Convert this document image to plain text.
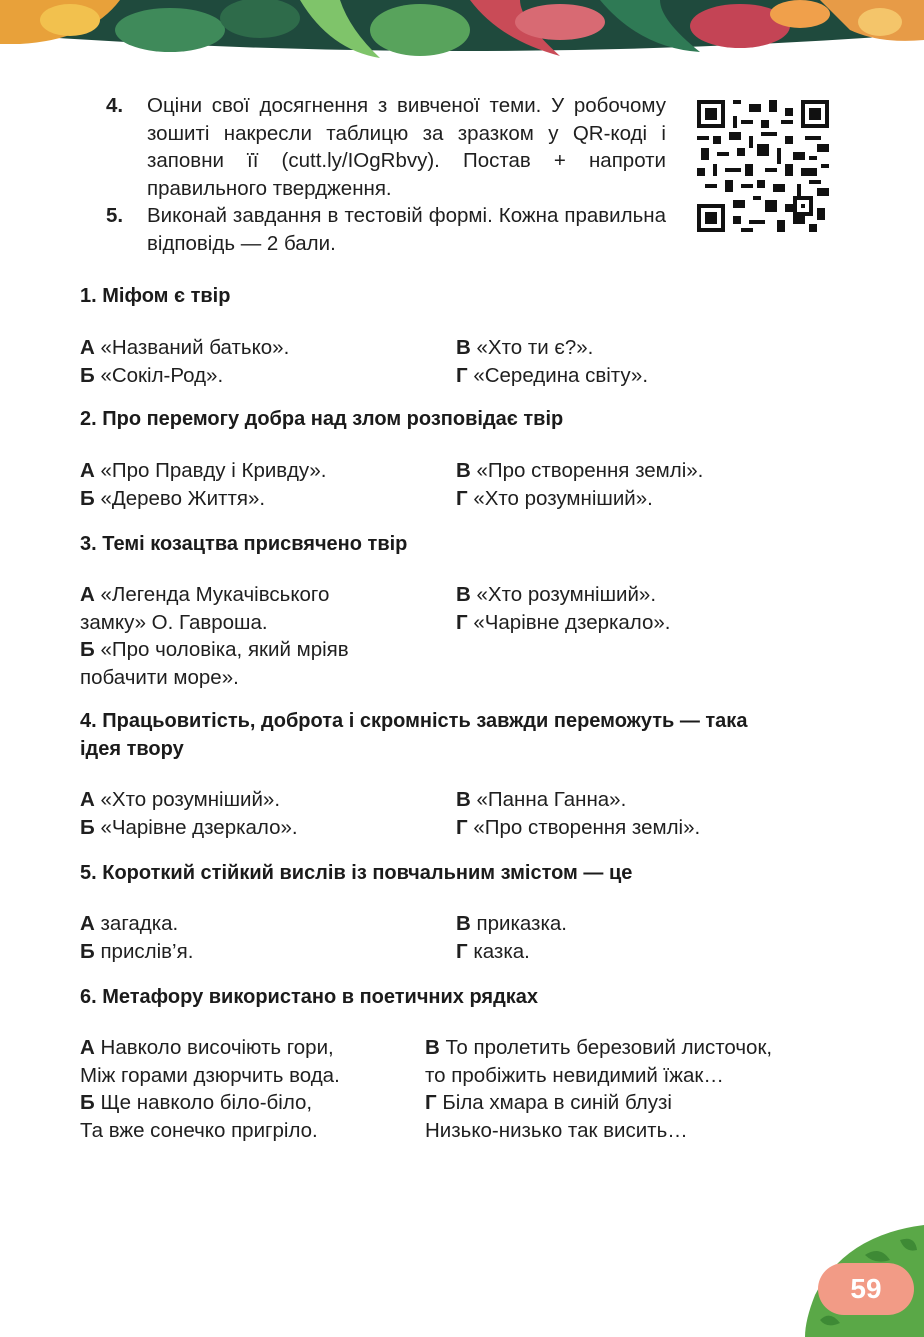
4.	Оціни свої досягнення з вивченої теми. У робочому зошиті накресли таблицю за зразком у QR-коді і заповни її (cutt.ly/IOgRbvy). Постав + напроти правильного твердження.
5.	Виконай завдання в тестовій формі. Кожна правильна відповідь — 2 бали.
1. Міфом є твір
А «Названий батько».
Б «Сокіл-Род».
В «Хто ти є?».
Г «Середина світу».
2. Про перемогу добра над злом розповідає твір
А «Про Правду і Кривду».
Б «Дерево Життя».
В «Про створення землі».
Г «Хто розумніший».
3. Темі козацтва присвячено твір
А «Легенда Мукачівського
замку» О. Гавроша.
Б «Про чоловіка, який мріяв
побачити море».
В «Хто розумніший».
Г «Чарівне дзеркало».
4. Працьовитість, доброта і скромність завжди переможуть — така
ідея твору
А «Хто розумніший».
Б «Чарівне дзеркало».
В «Панна Ганна».
Г «Про створення землі».
5. Короткий стійкий вислів із повчальним змістом — це
А загадка.
Б прислів’я.
В приказка.
Г казка.
6. Метафору використано в поетичних рядках
А Навколо височіють гори,
Між горами дзюрчить вода.
Б Ще навколо біло-біло,
Та вже сонечко пригріло.
В То пролетить березовий листочок,
то пробіжить невидимий їжак…
Г Біла хмара в синій блузі
Низько-низько так висить…
59
